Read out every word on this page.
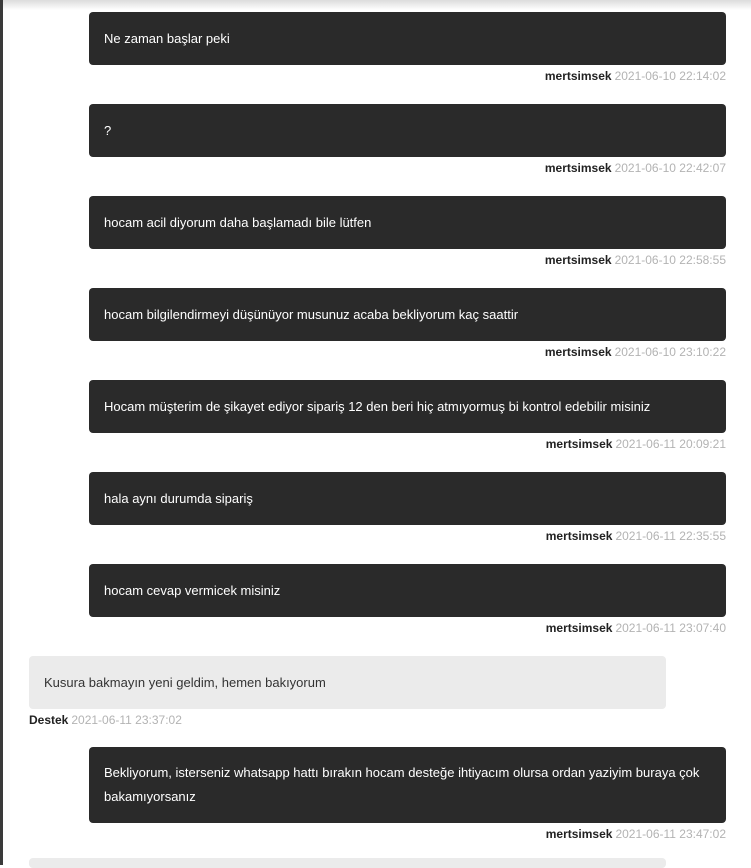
Ne zaman başlar peki
mertsimsek 2021-06-10 22:14:02
?
mertsimsek 2021-06-10 22:42:07
hocam acil diyorum daha başlamadı bile lütfen
mertsimsek 2021-06-10 22:58:55
hocam bilgilendirmeyi düşünüyor musunuz acaba bekliyorum kaç saattir
mertsimsek 2021-06-10 23:10:22
Hocam müşterim de şikayet ediyor sipariş 12 den beri hiç atmıyormuş bi kontrol edebilir misiniz
mertsimsek 2021-06-11 20:09:21
hala aynı durumda sipariş
mertsimsek 2021-06-11 22:35:55
hocam cevap vermicek misiniz
mertsimsek 2021-06-11 23:07:40
Kusura bakmayın yeni geldim, hemen bakıyorum
Destek 2021-06-11 23:37:02
Bekliyorum, isterseniz whatsapp hattı bırakın hocam desteğe ihtiyacım olursa ordan yaziyim buraya çok bakamıyorsanız
mertsimsek 2021-06-11 23:47:02
